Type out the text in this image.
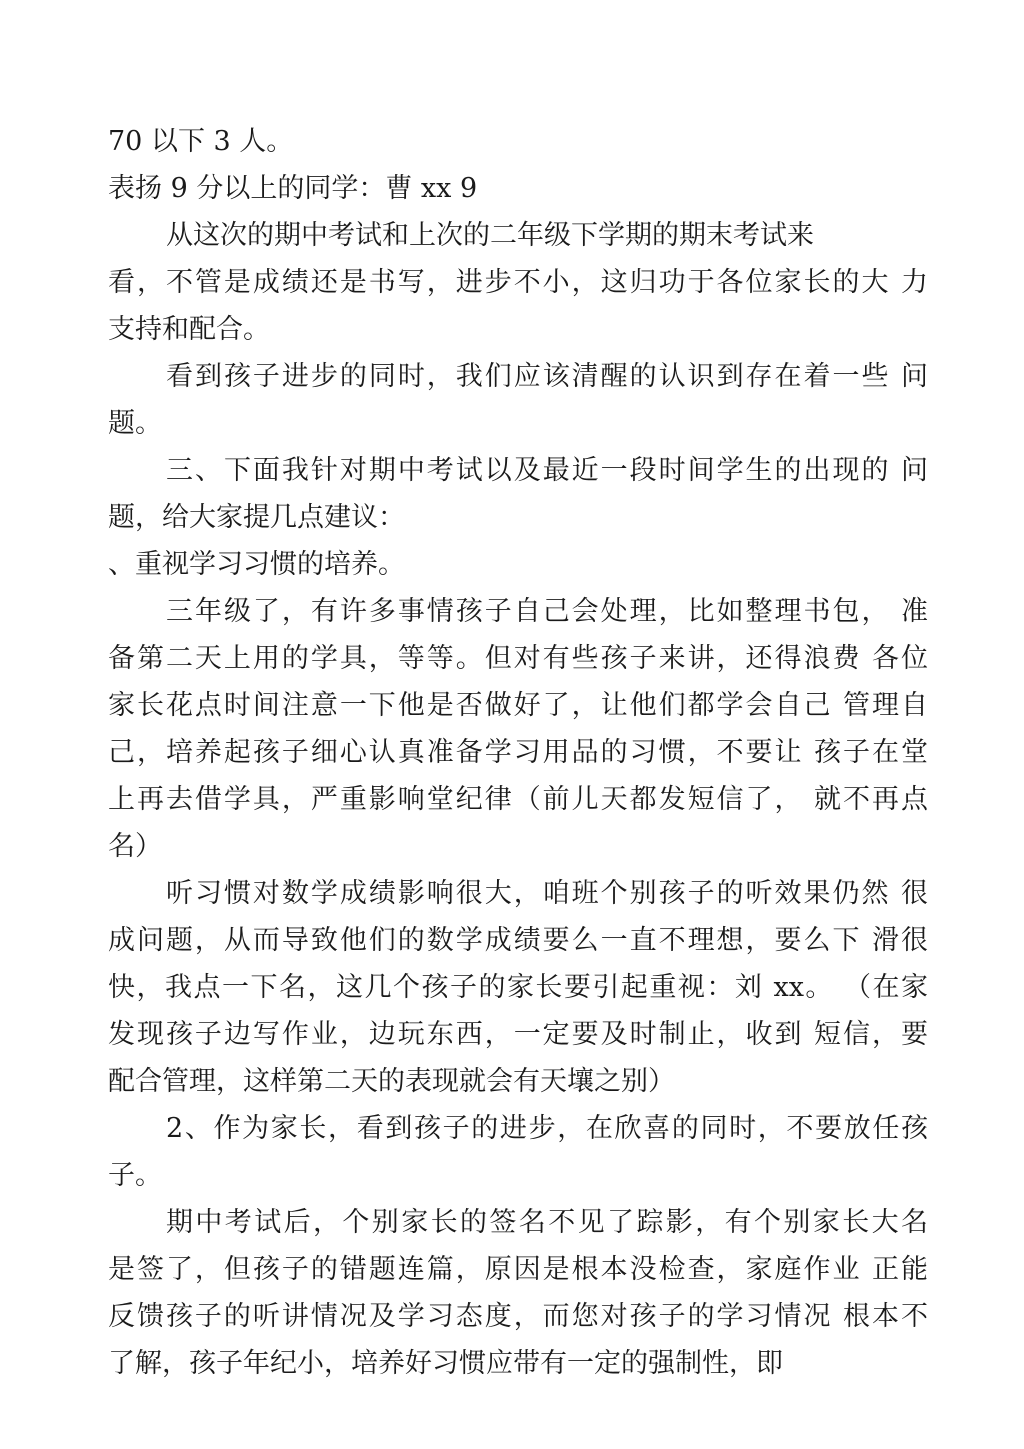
70 以下 3 人。
表扬 9 分以上的同学：曹 xx 9
从这次的期中考试和上次的二年级下学期的期末考试来
看，不管是成绩还是书写，进步不小，这归功于各位家长的大 力
支持和配合。
看到孩子进步的同时，我们应该清醒的认识到存在着一些 问
题。
三、下面我针对期中考试以及最近一段时间学生的出现的 问
题，给大家提几点建议：
、重视学习习惯的培养。
三年级了，有许多事情孩子自己会处理，比如整理书包， 准
备第二天上用的学具，等等。但对有些孩子来讲，还得浪费 各位
家长花点时间注意一下他是否做好了，让他们都学会自己 管理自
己，培养起孩子细心认真准备学习用品的习惯，不要让 孩子在堂
上再去借学具，严重影响堂纪律（前儿天都发短信了， 就不再点
名）
听习惯对数学成绩影响很大，咱班个别孩子的听效果仍然 很
成问题，从而导致他们的数学成绩要么一直不理想，要么下 滑很
快，我点一下名，这几个孩子的家长要引起重视：刘 xx。 （在家
发现孩子边写作业，边玩东西，一定要及时制止，收到 短信，要
配合管理，这样第二天的表现就会有天壤之别）
2、作为家长，看到孩子的进步，在欣喜的同时，不要放任孩
子。
期中考试后，个别家长的签名不见了踪影，有个别家长大名
是签了，但孩子的错题连篇，原因是根本没检查，家庭作业 正能
反馈孩子的听讲情况及学习态度，而您对孩子的学习情况 根本不
了解，孩子年纪小，培养好习惯应带有一定的强制性，即
